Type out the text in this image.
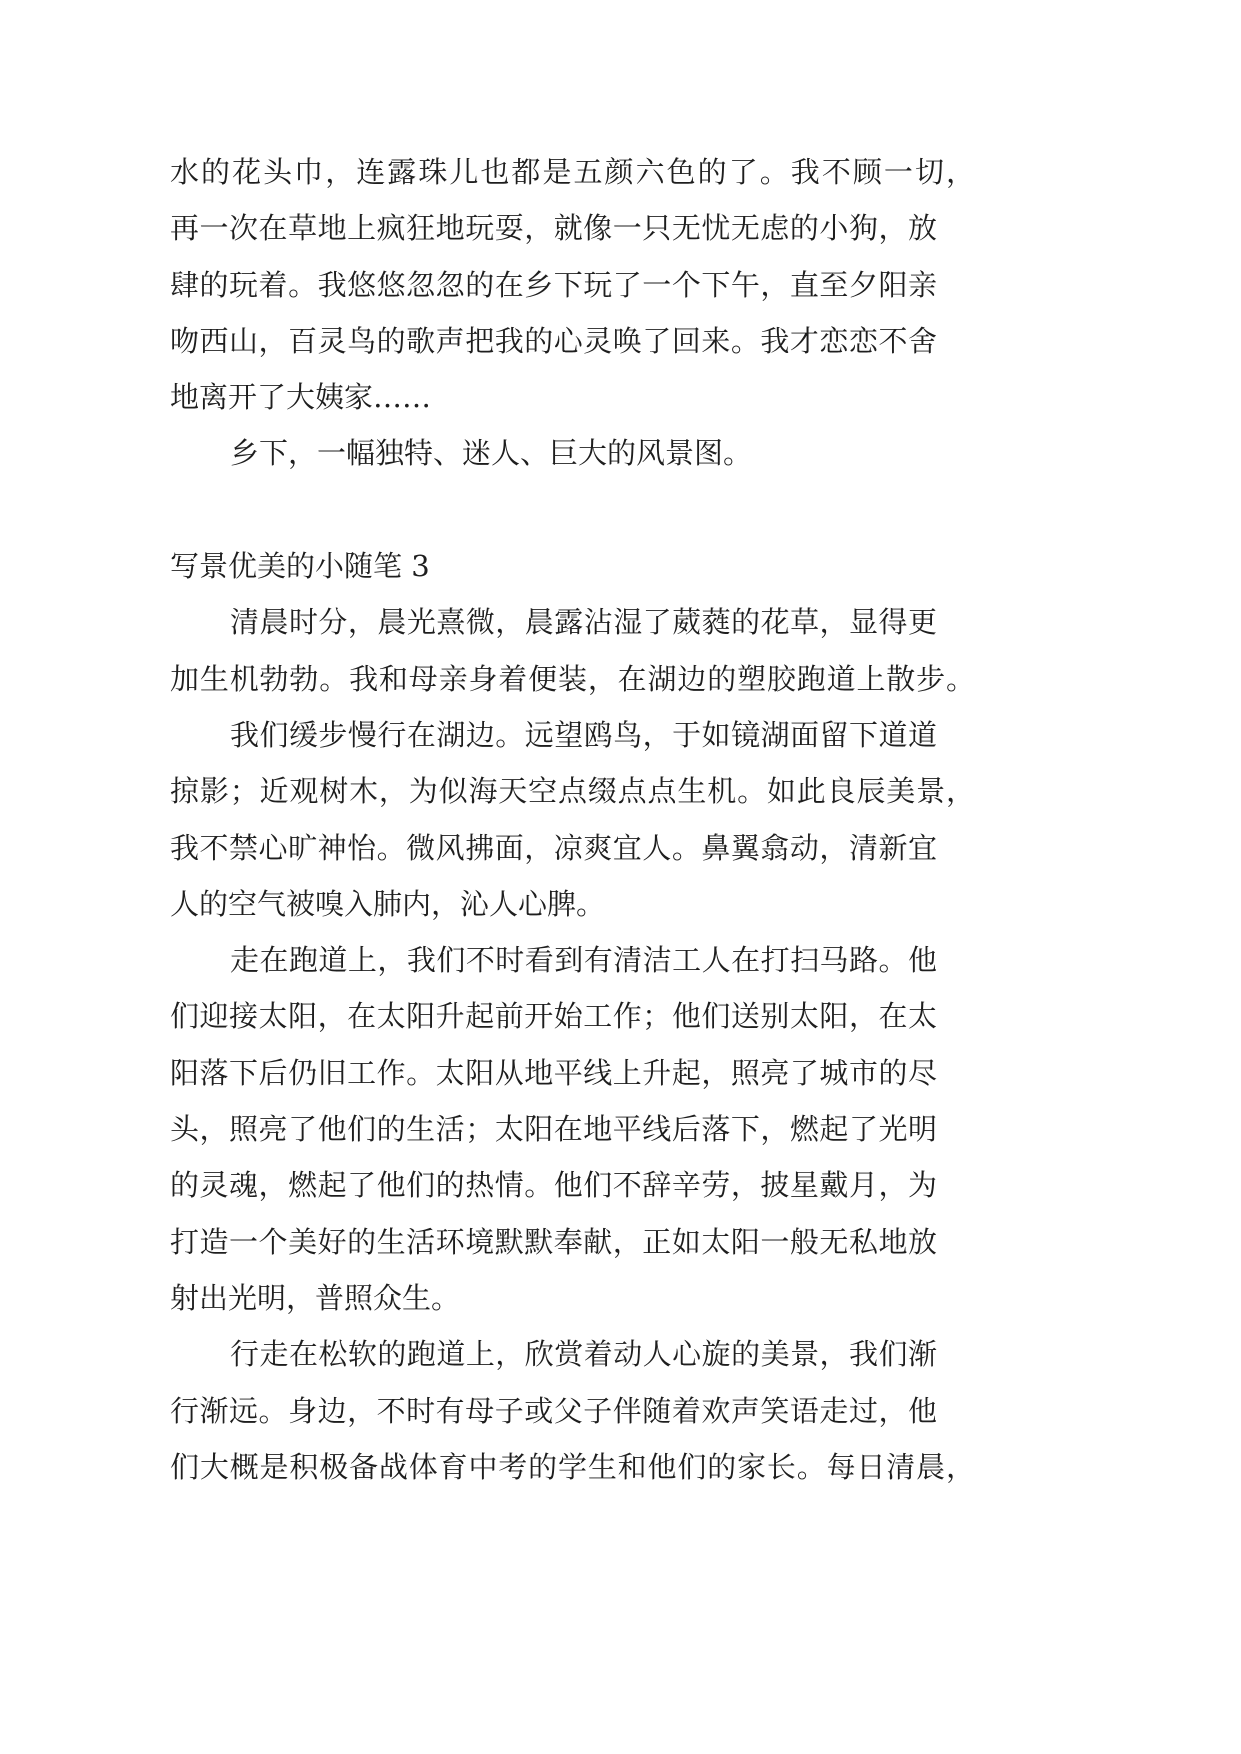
水的花头巾，连露珠儿也都是五颜六色的了。我不顾一切，
再一次在草地上疯狂地玩耍，就像一只无忧无虑的小狗，放
肆的玩着。我悠悠忽忽的在乡下玩了一个下午，直至夕阳亲
吻西山，百灵鸟的歌声把我的心灵唤了回来。我才恋恋不舍
地离开了大姨家……
乡下，一幅独特、迷人、巨大的风景图。
写景优美的小随笔 3
清晨时分，晨光熹微，晨露沾湿了葳蕤的花草，显得更
加生机勃勃。我和母亲身着便装，在湖边的塑胶跑道上散步。
我们缓步慢行在湖边。远望鸥鸟，于如镜湖面留下道道
掠影；近观树木，为似海天空点缀点点生机。如此良辰美景，
我不禁心旷神怡。微风拂面，凉爽宜人。鼻翼翕动，清新宜
人的空气被嗅入肺内，沁人心脾。
走在跑道上，我们不时看到有清洁工人在打扫马路。他
们迎接太阳，在太阳升起前开始工作；他们送别太阳，在太
阳落下后仍旧工作。太阳从地平线上升起，照亮了城市的尽
头，照亮了他们的生活；太阳在地平线后落下，燃起了光明
的灵魂，燃起了他们的热情。他们不辞辛劳，披星戴月，为
打造一个美好的生活环境默默奉献，正如太阳一般无私地放
射出光明，普照众生。
行走在松软的跑道上，欣赏着动人心旋的美景，我们渐
行渐远。身边，不时有母子或父子伴随着欢声笑语走过，他
们大概是积极备战体育中考的学生和他们的家长。每日清晨，
